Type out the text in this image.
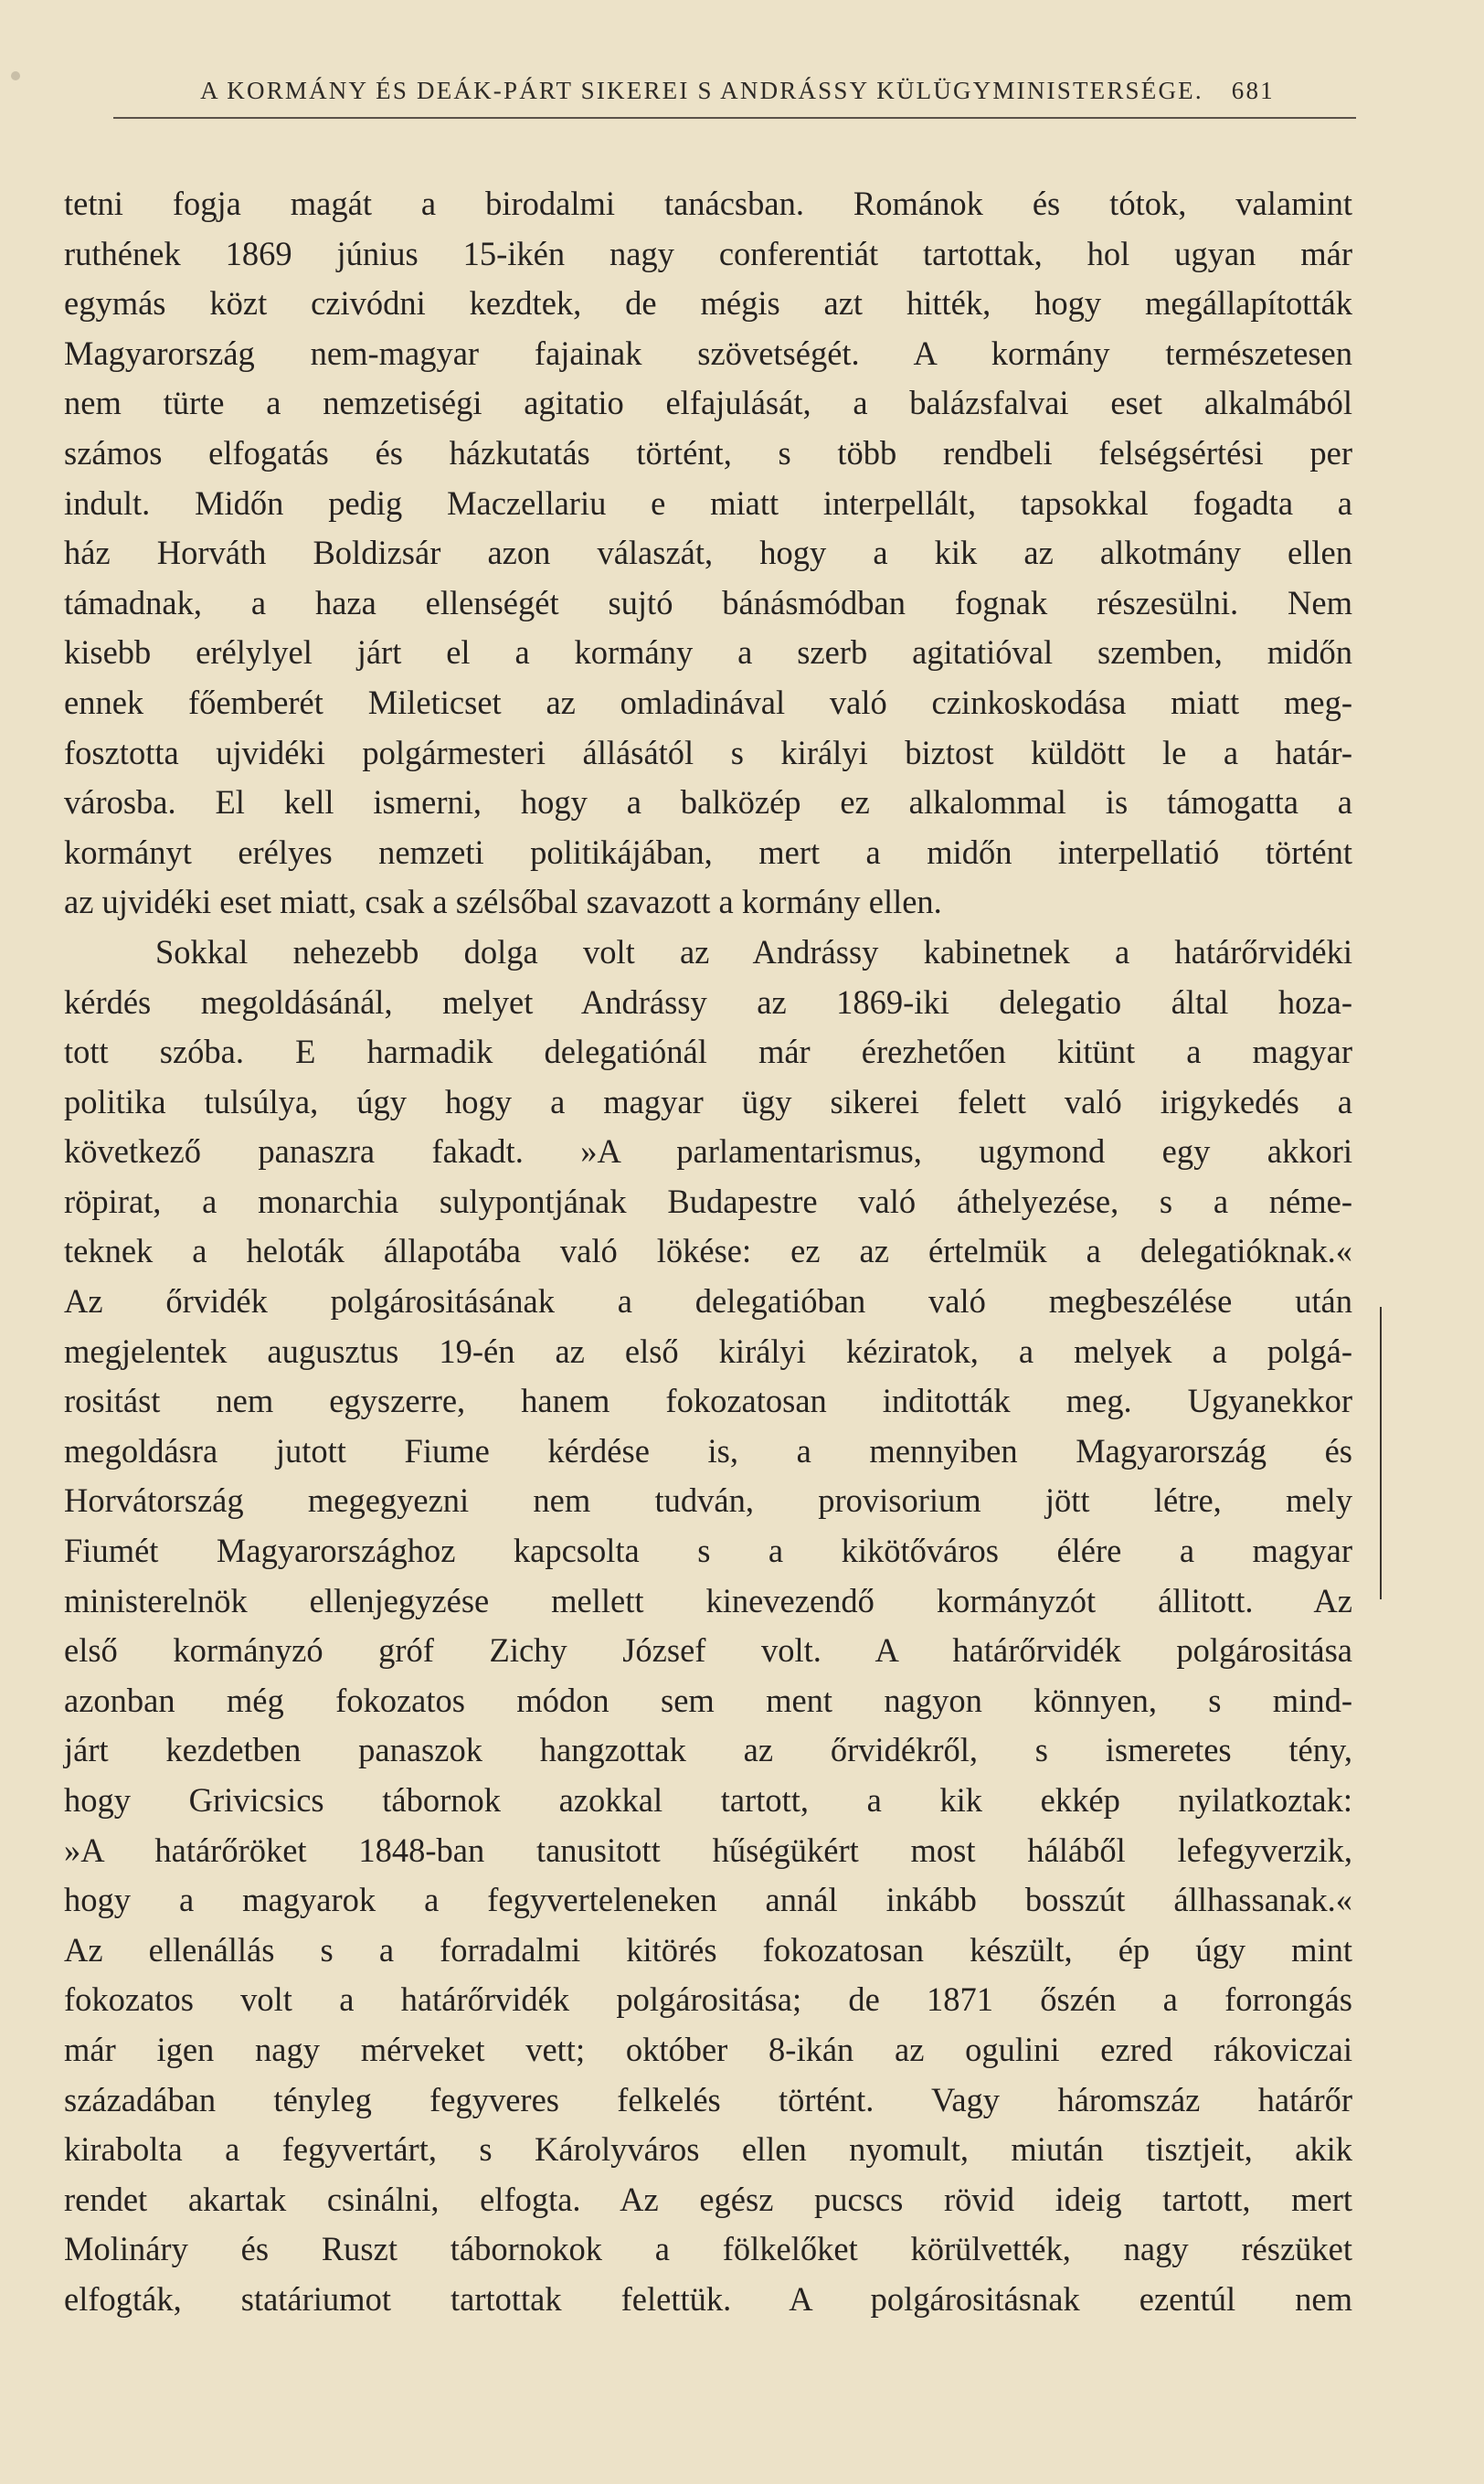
A KORMÁNY ÉS DEÁK-PÁRT SIKEREI S ANDRÁSSY KÜLÜGYMINISTERSÉGE. 681
tetni fogja magát a birodalmi tanácsban. Románok és tótok, valamint
ruthének 1869 június 15-ikén nagy conferentiát tartottak, hol ugyan már
egymás közt czivódni kezdtek, de mégis azt hitték, hogy megállapították
Magyarország nem-magyar fajainak szövetségét. A kormány természetesen
nem türte a nemzetiségi agitatio elfajulását, a balázsfalvai eset alkalmából
számos elfogatás és házkutatás történt, s több rendbeli felségsértési per
indult. Midőn pedig Maczellariu e miatt interpellált, tapsokkal fogadta a
ház Horváth Boldizsár azon válaszát, hogy a kik az alkotmány ellen
támadnak, a haza ellenségét sujtó bánásmódban fognak részesülni. Nem
kisebb erélylyel járt el a kormány a szerb agitatióval szemben, midőn
ennek főemberét Mileticset az omladinával való czinkoskodása miatt meg-
fosztotta ujvidéki polgármesteri állásától s királyi biztost küldött le a határ-
városba. El kell ismerni, hogy a balközép ez alkalommal is támogatta a
kormányt erélyes nemzeti politikájában, mert a midőn interpellatió történt
az ujvidéki eset miatt, csak a szélsőbal szavazott a kormány ellen.
Sokkal nehezebb dolga volt az Andrássy kabinetnek a határőrvidéki
kérdés megoldásánál, melyet Andrássy az 1869-iki delegatio által hoza-
tott szóba. E harmadik delegatiónál már érezhetően kitünt a magyar
politika tulsúlya, úgy hogy a magyar ügy sikerei felett való irigykedés a
következő panaszra fakadt. »A parlamentarismus, ugymond egy akkori
röpirat, a monarchia sulypontjának Budapestre való áthelyezése, s a néme-
teknek a heloták állapotába való lökése: ez az értelmük a delegatióknak.«
Az őrvidék polgárositásának a delegatióban való megbeszélése után
megjelentek augusztus 19-én az első királyi kéziratok, a melyek a polgá-
rositást nem egyszerre, hanem fokozatosan inditották meg. Ugyanekkor
megoldásra jutott Fiume kérdése is, a mennyiben Magyarország és
Horvátország megegyezni nem tudván, provisorium jött létre, mely
Fiumét Magyarországhoz kapcsolta s a kikötőváros élére a magyar
ministerelnök ellenjegyzése mellett kinevezendő kormányzót állitott. Az
első kormányzó gróf Zichy József volt. A határőrvidék polgárositása
azonban még fokozatos módon sem ment nagyon könnyen, s mind-
járt kezdetben panaszok hangzottak az őrvidékről, s ismeretes tény,
hogy Grivicsics tábornok azokkal tartott, a kik ekkép nyilatkoztak:
»A határőröket 1848-ban tanusitott hűségükért most háláből lefegyverzik,
hogy a magyarok a fegyverteleneken annál inkább bosszút állhassanak.«
Az ellenállás s a forradalmi kitörés fokozatosan készült, ép úgy mint
fokozatos volt a határőrvidék polgárositása; de 1871 őszén a forrongás
már igen nagy mérveket vett; október 8-ikán az ogulini ezred rákoviczai
századában tényleg fegyveres felkelés történt. Vagy háromszáz határőr
kirabolta a fegyvertárt, s Károlyváros ellen nyomult, miután tisztjeit, akik
rendet akartak csinálni, elfogta. Az egész pucscs rövid ideig tartott, mert
Molináry és Ruszt tábornokok a fölkelőket körülvették, nagy részüket
elfogták, statáriumot tartottak felettük. A polgárositásnak ezentúl nem
